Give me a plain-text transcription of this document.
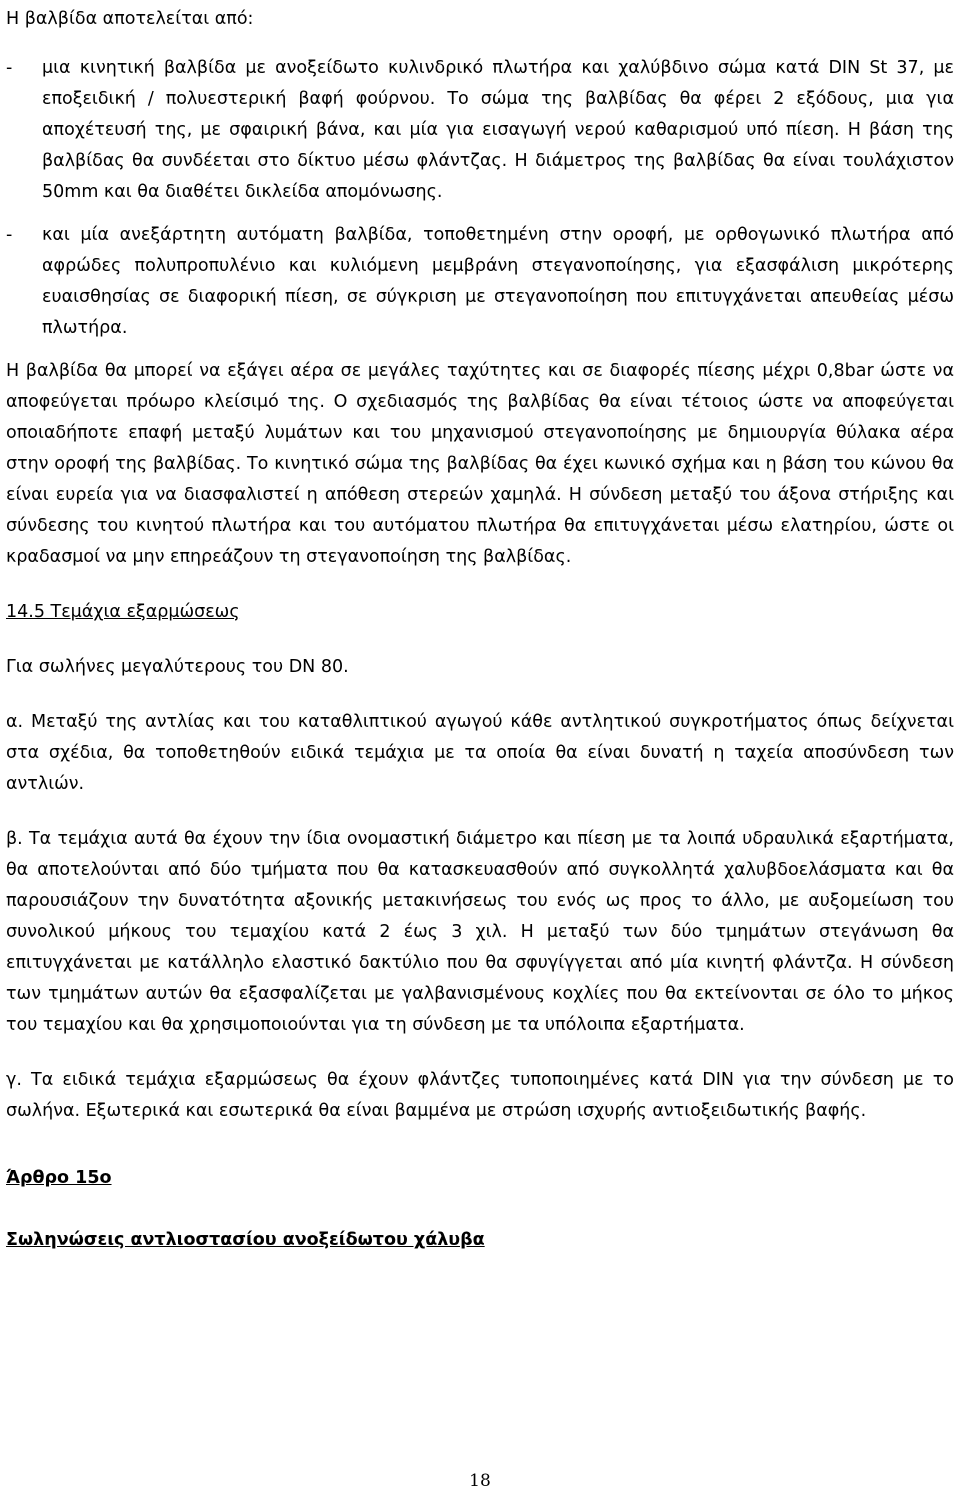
Η βαλβίδα αποτελείται από:

-	μια κινητική βαλβίδα με ανοξείδωτο κυλινδρικό πλωτήρα και χαλύβδινο σώμα κατά DIN St 37, με εποξειδική / πολυεστερική βαφή φούρνου. Το σώμα της βαλβίδας θα φέρει 2 εξόδους, μια για αποχέτευσή της, με σφαιρική βάνα, και μία για εισαγωγή νερού καθαρισμού υπό πίεση. Η βάση της βαλβίδας θα συνδέεται στο δίκτυο μέσω φλάντζας. Η διάμετρος της βαλβίδας θα είναι τουλάχιστον 50mm και θα διαθέτει δικλείδα απομόνωσης.
-	και μία ανεξάρτητη αυτόματη βαλβίδα, τοποθετημένη στην οροφή, με ορθογωνικό πλωτήρα από αφρώδες πολυπροπυλένιο και κυλιόμενη μεμβράνη στεγανοποίησης, για εξασφάλιση μικρότερης ευαισθησίας σε διαφορική πίεση, σε σύγκριση με στεγανοποίηση που επιτυγχάνεται απευθείας μέσω πλωτήρα.

Η βαλβίδα θα μπορεί να εξάγει αέρα σε μεγάλες ταχύτητες και σε διαφορές πίεσης μέχρι 0,8bar ώστε να αποφεύγεται πρόωρο κλείσιμό της. Ο σχεδιασμός της βαλβίδας θα είναι τέτοιος ώστε να αποφεύγεται οποιαδήποτε επαφή μεταξύ λυμάτων και του μηχανισμού στεγανοποίησης με δημιουργία θύλακα αέρα στην οροφή της βαλβίδας. Το κινητικό σώμα της βαλβίδας θα έχει κωνικό σχήμα και η βάση του κώνου θα είναι ευρεία για να διασφαλιστεί η απόθεση στερεών χαμηλά. Η σύνδεση μεταξύ του άξονα στήριξης και σύνδεσης του κινητού πλωτήρα και του αυτόματου πλωτήρα θα επιτυγχάνεται μέσω ελατηρίου, ώστε οι κραδασμοί να μην επηρεάζουν τη στεγανοποίηση της βαλβίδας.

14.5 Τεμάχια εξαρμώσεως

Για σωλήνες μεγαλύτερους του DN 80.

α. Μεταξύ της αντλίας και του καταθλιπτικού αγωγού κάθε αντλητικού συγκροτήματος όπως δείχνεται στα σχέδια, θα τοποθετηθούν ειδικά τεμάχια με τα οποία θα είναι δυνατή η ταχεία αποσύνδεση των αντλιών.

β. Τα τεμάχια αυτά θα έχουν την ίδια ονομαστική διάμετρο και πίεση με τα λοιπά υδραυλικά εξαρτήματα, θα αποτελούνται από δύο τμήματα που θα κατασκευασθούν από συγκολλητά χαλυβδοελάσματα και θα παρουσιάζουν την δυνατότητα αξονικής μετακινήσεως του ενός ως προς το άλλο, με αυξομείωση του συνολικού μήκους του τεμαχίου κατά 2 έως 3 χιλ. Η μεταξύ των δύο τμημάτων στεγάνωση θα επιτυγχάνεται με κατάλληλο ελαστικό δακτύλιο που θα σφυγίγγεται από μία κινητή φλάντζα. Η σύνδεση των τμημάτων αυτών θα εξασφαλίζεται με γαλβανισμένους κοχλίες που θα εκτείνονται σε όλο το μήκος του τεμαχίου και θα χρησιμοποιούνται για τη σύνδεση με τα υπόλοιπα εξαρτήματα.

γ. Τα ειδικά τεμάχια εξαρμώσεως θα έχουν φλάντζες τυποποιημένες κατά DIN για την σύνδεση με το σωλήνα. Εξωτερικά και εσωτερικά θα είναι βαμμένα με στρώση ισχυρής αντιοξειδωτικής βαφής.

Άρθρο 15ο

Σωληνώσεις αντλιοστασίου ανοξείδωτου χάλυβα

18
